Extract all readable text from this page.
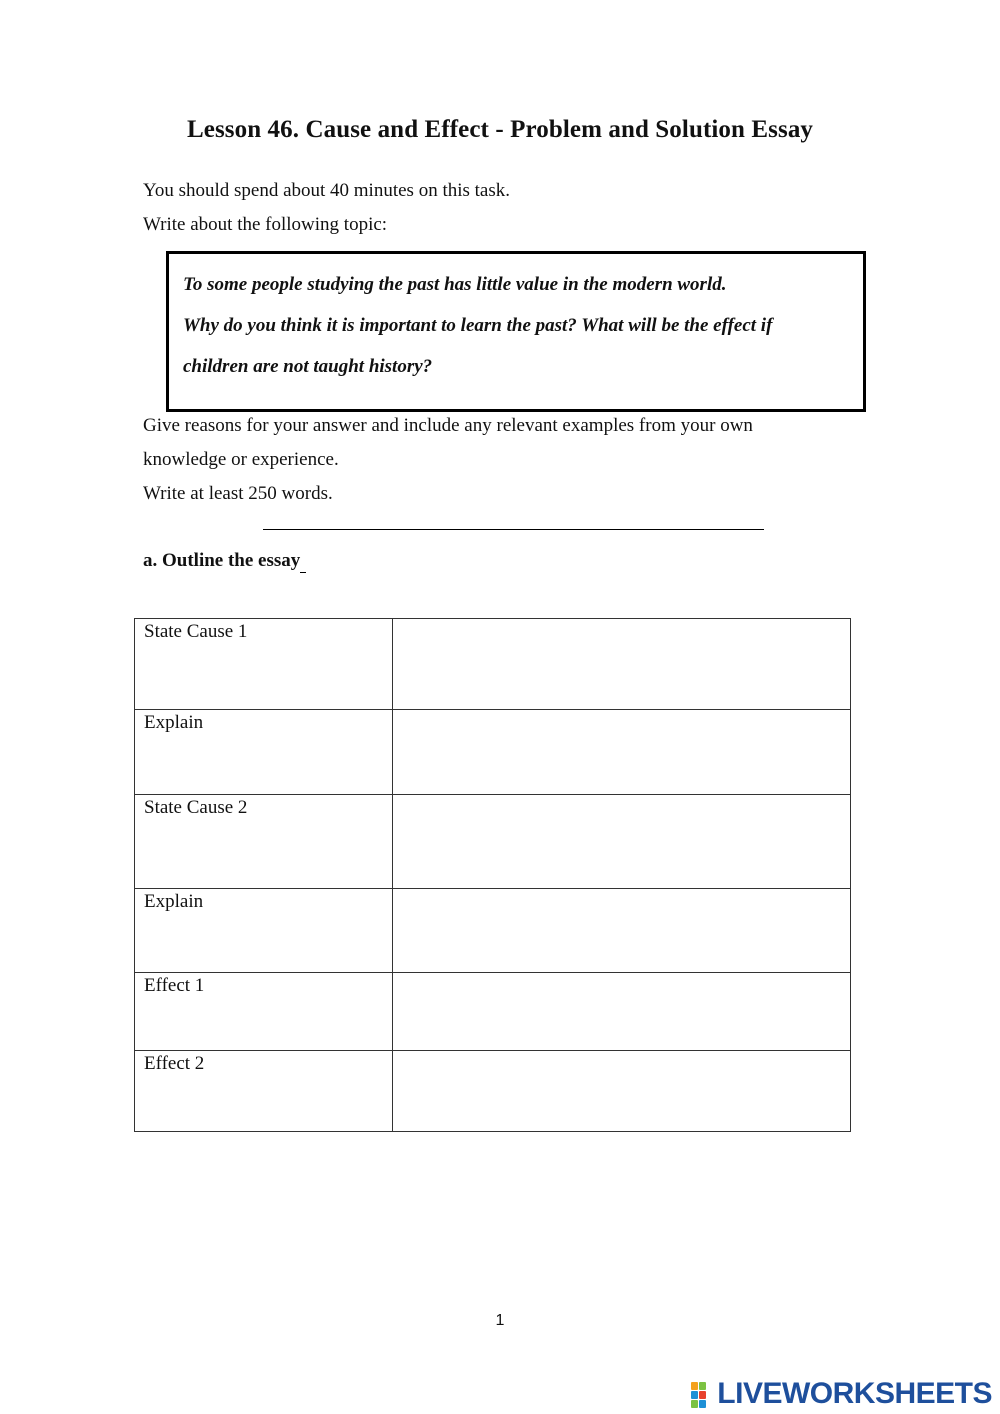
Lesson 46. Cause and Effect - Problem and Solution Essay
You should spend about 40 minutes on this task.
Write about the following topic:
To some people studying the past has little value in the modern world.
Why do you think it is important to learn the past? What will be the effect if
children are not taught history?
Give reasons for your answer and include any relevant examples from your own
knowledge or experience.
Write at least 250 words.
a. Outline the essay
State Cause 1	
Explain	
State Cause 2	
Explain	
Effect 1	
Effect 2	
1
LIVEWORKSHEETS
